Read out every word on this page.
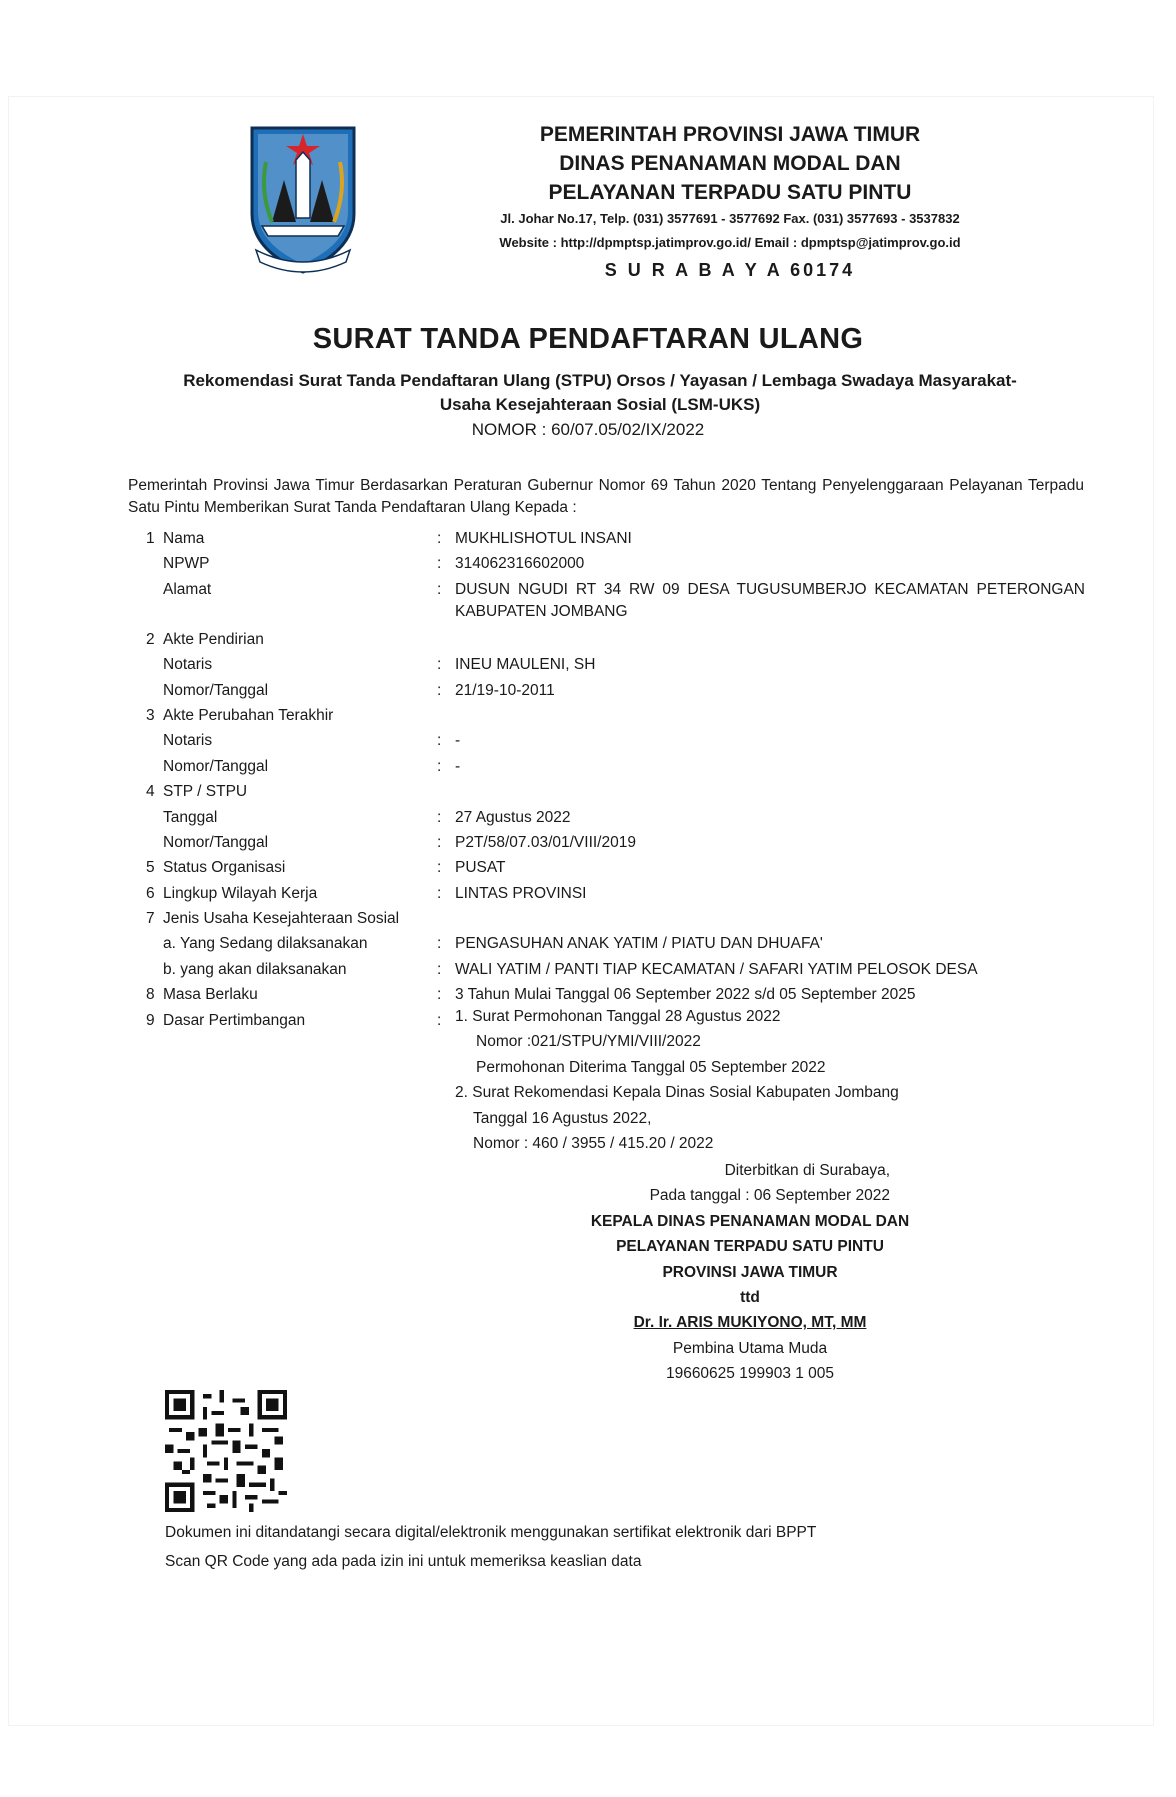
PEMERINTAH PROVINSI JAWA TIMUR
DINAS PENANAMAN MODAL DAN
PELAYANAN TERPADU SATU PINTU
Jl. Johar No.17, Telp. (031) 3577691 - 3577692 Fax. (031) 3577693 - 3537832
Website : http://dpmptsp.jatimprov.go.id/ Email : dpmptsp@jatimprov.go.id
S U R A B A Y A 60174
SURAT TANDA PENDAFTARAN ULANG
Rekomendasi Surat Tanda Pendaftaran Ulang (STPU) Orsos / Yayasan / Lembaga Swadaya Masyarakat-
Usaha Kesejahteraan Sosial (LSM-UKS)
NOMOR : 60/07.05/02/IX/2022
Pemerintah Provinsi Jawa Timur Berdasarkan Peraturan Gubernur Nomor 69 Tahun 2020 Tentang Penyelenggaraan Pelayanan Terpadu Satu Pintu Memberikan Surat Tanda Pendaftaran Ulang Kepada :
1 Nama	: MUKHLISHOTUL INSANI
NPWP	: 314062316602000
Alamat	: DUSUN NGUDI RT 34 RW 09 DESA TUGUSUMBERJO KECAMATAN PETERONGAN KABUPATEN JOMBANG
2 Akte Pendirian
Notaris	: INEU MAULENI, SH
Nomor/Tanggal	: 21/19-10-2011
3 Akte Perubahan Terakhir
Notaris	: -
Nomor/Tanggal	: -
4 STP / STPU
Tanggal	: 27 Agustus 2022
Nomor/Tanggal	: P2T/58/07.03/01/VIII/2019
5 Status Organisasi	: PUSAT
6 Lingkup Wilayah Kerja	: LINTAS PROVINSI
7 Jenis Usaha Kesejahteraan Sosial
a. Yang Sedang dilaksanakan	: PENGASUHAN ANAK YATIM / PIATU DAN DHUAFA'
b. yang akan dilaksanakan	: WALI YATIM / PANTI TIAP KECAMATAN / SAFARI YATIM PELOSOK DESA
8 Masa Berlaku	: 3 Tahun Mulai Tanggal 06 September 2022 s/d 05 September 2025
9 Dasar Pertimbangan	: 1. Surat Permohonan Tanggal 28 Agustus 2022
Nomor :021/STPU/YMI/VIII/2022
Permohonan Diterima Tanggal 05 September 2022
2. Surat Rekomendasi Kepala Dinas Sosial Kabupaten Jombang
Tanggal 16 Agustus 2022,
Nomor : 460 / 3955 / 415.20 / 2022
Diterbitkan di Surabaya,
Pada tanggal : 06 September 2022
KEPALA DINAS PENANAMAN MODAL DAN
PELAYANAN TERPADU SATU PINTU
PROVINSI JAWA TIMUR
ttd
Dr. Ir. ARIS MUKIYONO, MT, MM
Pembina Utama Muda
19660625 199903 1 005
Dokumen ini ditandatangi secara digital/elektronik menggunakan sertifikat elektronik dari BPPT
Scan QR Code yang ada pada izin ini untuk memeriksa keaslian data
